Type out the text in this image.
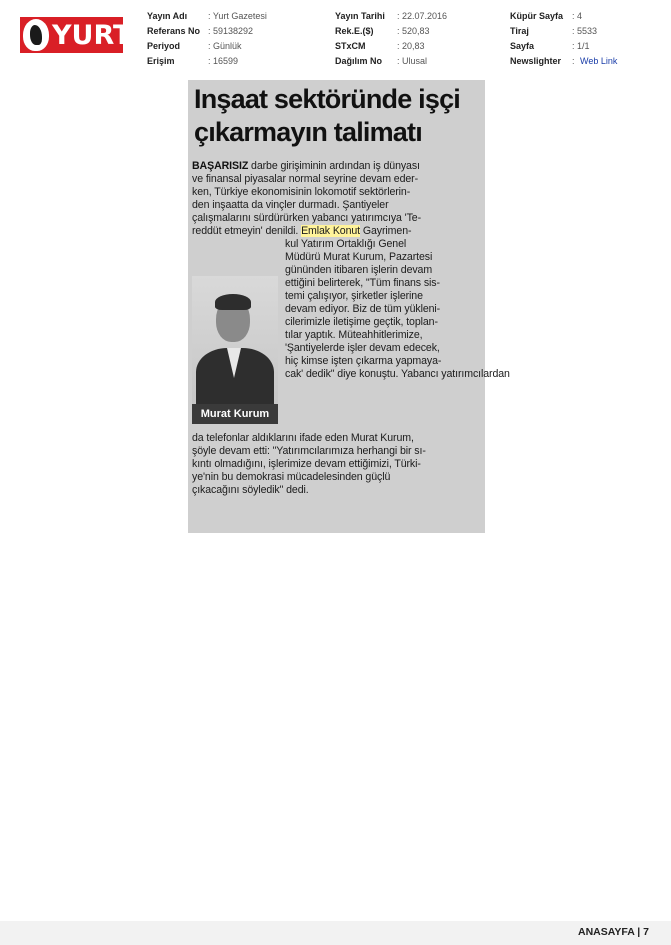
YURT
Yayın Adı : Yurt Gazetesi
Referans No : 59138292
Periyod	: Günlük
Erişim	: 16599
Yayın Tarihi : 22.07.2016
Rek.E.($)	: 520,83
STxCM	: 20,83
Dağılım No : Ulusal
Küpür Sayfa : 4
Tiraj	: 5533
Sayfa	: 1/1
Newslighter : Web Link
Inşaat sektöründe işçi
çıkarmayın talimatı
BAŞARISIZ darbe girişiminin ardından iş dünyası
ve finansal piyasalar normal seyrine devam eder-
ken, Türkiye ekonomisinin lokomotif sektörlerin-
den inşaatta da vinçler durmadı. Şantiyeler
çalışmalarını sürdürürken yabancı yatırımcıya 'Te-
reddüt etmeyin' denildi. Emlak Konut Gayrimen-
Murat Kurum
kul Yatırım Ortaklığı Genel
Müdürü Murat Kurum, Pazartesi
gününden itibaren işlerin devam
ettiğini belirterek, "Tüm finans sis-
temi çalışıyor, şirketler işlerine
devam ediyor. Biz de tüm yükleni-
cilerimizle iletişime geçtik, toplan-
tılar yaptık. Müteahhitlerimize,
'Şantiyelerde işler devam edecek,
hiç kimse işten çıkarma yapmaya-
cak' dedik" diye konuştu. Yabancı yatırımcılardan
da telefonlar aldıklarını ifade eden Murat Kurum,
şöyle devam etti: "Yatırımcılarımıza herhangi bir sı-
kıntı olmadığını, işlerimize devam ettiğimizi, Türki-
ye'nin bu demokrasi mücadelesinden güçlü
çıkacağını söyledik" dedi.
ANASAYFA | 7
